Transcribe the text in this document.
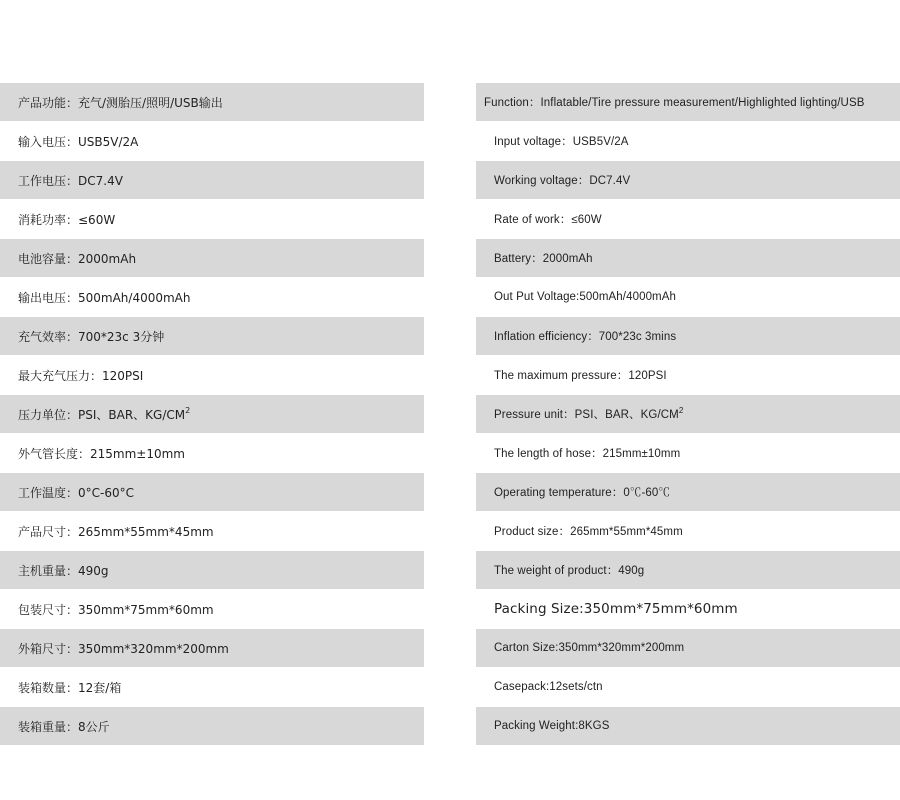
产品功能：充气/测胎压/照明/USB输出
输入电压：USB5V/2A
工作电压：DC7.4V
消耗功率：≤60W
电池容量：2000mAh
输出电压：500mAh/4000mAh
充气效率：700*23c 3分钟
最大充气压力：120PSI
压力单位：PSI、BAR、KG/CM 2
外气管长度：215mm±10mm
工作温度：0°C-60°C
产品尺寸：265mm*55mm*45mm
主机重量：490g
包装尺寸：350mm*75mm*60mm
外箱尺寸：350mm*320mm*200mm
装箱数量：12套/箱
装箱重量：8公斤
Function：Inflatable/Tire pressure measurement/Highlighted lighting/USB
Input voltage：USB5V/2A
Working voltage：DC7.4V
Rate of work：≤60W
Battery：2000mAh
Out Put Voltage:500mAh/4000mAh
Inflation efficiency：700*23c 3mins
The maximum pressure：120PSI
Pressure unit：PSI、BAR、KG/CM 2
The length of hose：215mm±10mm
Operating temperature：0℃-60℃
Product size：265mm*55mm*45mm
The weight of product：490g
Packing Size:350mm*75mm*60mm
Carton Size:350mm*320mm*200mm
Casepack:12sets/ctn
Packing Weight:8KGS
